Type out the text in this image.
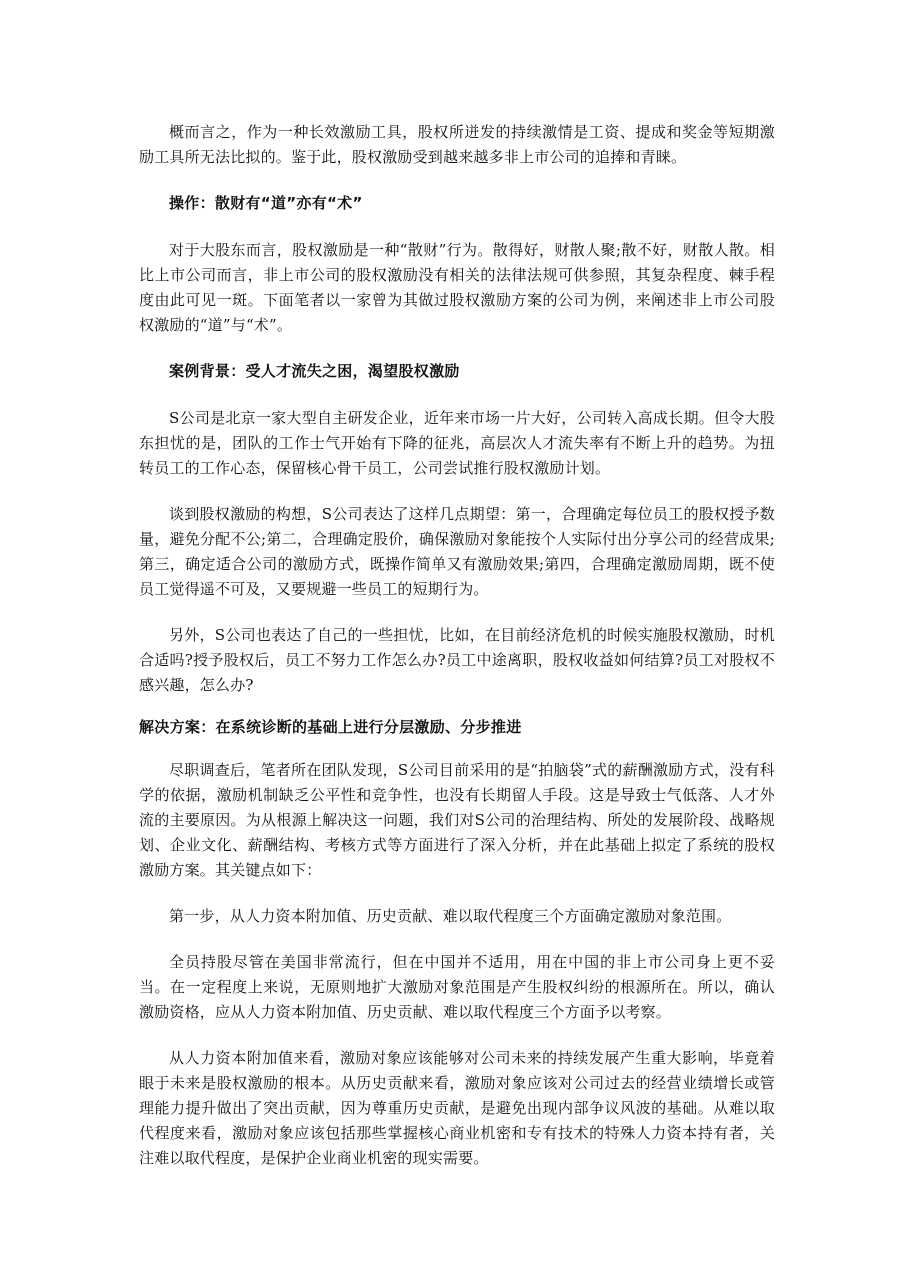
概而言之，作为一种长效激励工具，股权所迸发的持续激情是工资、提成和奖金等短期激励工具所无法比拟的。鉴于此，股权激励受到越来越多非上市公司的追捧和青睐。

操作：散财有“道”亦有“术”

对于大股东而言，股权激励是一种“散财”行为。散得好，财散人聚;散不好，财散人散。相比上市公司而言，非上市公司的股权激励没有相关的法律法规可供参照，其复杂程度、棘手程度由此可见一斑。下面笔者以一家曾为其做过股权激励方案的公司为例，来阐述非上市公司股权激励的“道”与“术”。

案例背景：受人才流失之困，渴望股权激励

S公司是北京一家大型自主研发企业，近年来市场一片大好，公司转入高成长期。但令大股东担忧的是，团队的工作士气开始有下降的征兆，高层次人才流失率有不断上升的趋势。为扭转员工的工作心态，保留核心骨干员工，公司尝试推行股权激励计划。

谈到股权激励的构想，S公司表达了这样几点期望：第一，合理确定每位员工的股权授予数量，避免分配不公;第二，合理确定股价，确保激励对象能按个人实际付出分享公司的经营成果;第三，确定适合公司的激励方式，既操作简单又有激励效果;第四，合理确定激励周期，既不使员工觉得遥不可及，又要规避一些员工的短期行为。

另外，S公司也表达了自己的一些担忧，比如，在目前经济危机的时候实施股权激励，时机合适吗?授予股权后，员工不努力工作怎么办?员工中途离职，股权收益如何结算?员工对股权不感兴趣，怎么办?

解决方案：在系统诊断的基础上进行分层激励、分步推进

尽职调查后，笔者所在团队发现，S公司目前采用的是“拍脑袋”式的薪酬激励方式，没有科学的依据，激励机制缺乏公平性和竞争性，也没有长期留人手段。这是导致士气低落、人才外流的主要原因。为从根源上解决这一问题，我们对S公司的治理结构、所处的发展阶段、战略规划、企业文化、薪酬结构、考核方式等方面进行了深入分析，并在此基础上拟定了系统的股权激励方案。其关键点如下：

第一步，从人力资本附加值、历史贡献、难以取代程度三个方面确定激励对象范围。

全员持股尽管在美国非常流行，但在中国并不适用，用在中国的非上市公司身上更不妥当。在一定程度上来说，无原则地扩大激励对象范围是产生股权纠纷的根源所在。所以，确认激励资格，应从人力资本附加值、历史贡献、难以取代程度三个方面予以考察。

从人力资本附加值来看，激励对象应该能够对公司未来的持续发展产生重大影响，毕竟着眼于未来是股权激励的根本。从历史贡献来看，激励对象应该对公司过去的经营业绩增长或管理能力提升做出了突出贡献，因为尊重历史贡献，是避免出现内部争议风波的基础。从难以取代程度来看，激励对象应该包括那些掌握核心商业机密和专有技术的特殊人力资本持有者，关注难以取代程度，是保护企业商业机密的现实需要。
